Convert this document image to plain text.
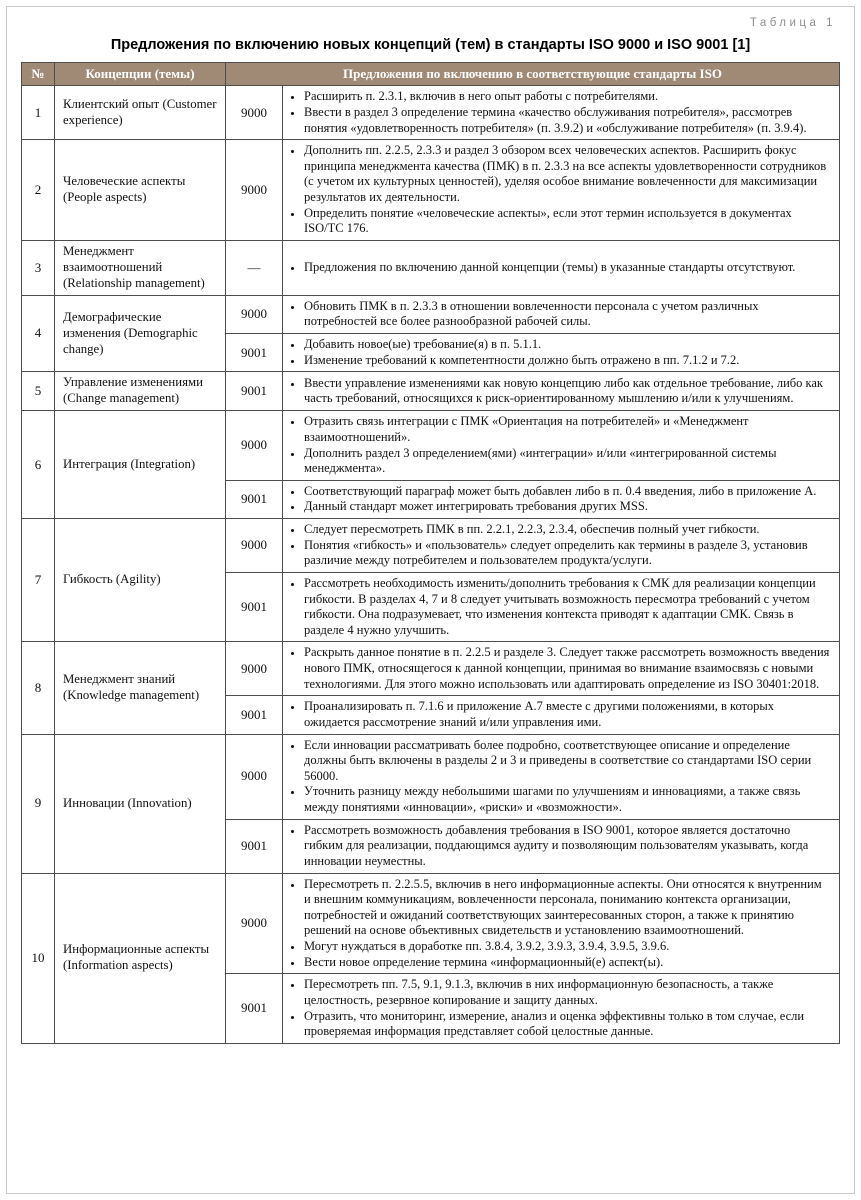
Таблица 1
Предложения по включению новых концепций (тем) в стандарты ISO 9000 и ISO 9001 [1]
№	Концепции (темы)	Предложения по включению в соответствующие стандарты ISO	
1	Клиентский опыт (Customer experience)	9000	
• Расширить п. 2.3.1, включив в него опыт работы с потребителями.
• Ввести в раздел 3 определение термина «качество обслуживания потребителя», рассмотрев понятия «удовлетворенность потребителя» (п. 3.9.2) и «обслуживание потребителя» (п. 3.9.4).

2	Человеческие аспекты (People aspects)	9000	
• Дополнить пп. 2.2.5, 2.3.3 и раздел 3 обзором всех человеческих аспектов. Расширить фокус принципа менеджмента качества (ПМК) в п. 2.3.3 на все аспекты удовлетворенности сотрудников (с учетом их культурных ценностей), уделяя особое внимание вовлеченности для максимизации результатов их деятельности.
• Определить понятие «человеческие аспекты», если этот термин используется в документах ISO/TC 176.

3	Менеджмент взаимоотношений (Relationship management)	—	
•Предложения по включению данной концепции (темы) в указанные стандарты отсутствуют.

4	Демографические изменения (Demographic change)	9000	
• Обновить ПМК в п. 2.3.3 в отношении вовлеченности персонала с учетом различных потребностей все более разнообразной рабочей силы.

9001	
• Добавить новое(ые) требование(я) в п. 5.1.1.
• Изменение требований к компетентности должно быть отражено в пп. 7.1.2 и 7.2.

5	Управление изменениями (Change management)	9001	
• Ввести управление изменениями как новую концепцию либо как отдельное требование, либо как часть требований, относящихся к риск-ориентированному мышлению и/или к улучшениям.

6	Интеграция (Integration)	9000	
• Отразить связь интеграции с ПМК «Ориентация на потребителей» и «Менеджмент взаимоотношений».
• Дополнить раздел 3 определением(ями) «интеграции» и/или «интегрированной системы менеджмента».

9001	
• Соответствующий параграф может быть добавлен либо в п. 0.4 введения, либо в приложение А.
• Данный стандарт может интегрировать требования других MSS.

7	Гибкость (Agility)	9000	
• Следует пересмотреть ПМК в пп. 2.2.1, 2.2.3, 2.3.4, обеспечив полный учет гибкости.
• Понятия «гибкость» и «пользователь» следует определить как термины в разделе 3, установив различие между потребителем и пользователем продукта/услуги.

9001	
• Рассмотреть необходимость изменить/дополнить требования к СМК для реализации концепции гибкости. В разделах 4, 7 и 8 следует учитывать возможность пересмотра требований с учетом гибкости. Она подразумевает, что изменения контекста приводят к адаптации СМК. Связь в разделе 4 нужно улучшить.

8	Менеджмент знаний (Knowledge management)	9000	
• Раскрыть данное понятие в п. 2.2.5 и разделе 3. Следует также рассмотреть возможность введения нового ПМК, относящегося к данной концепции, принимая во внимание взаимосвязь с новыми технологиями. Для этого можно использовать или адаптировать определение из ISO 30401:2018.

9001	
• Проанализировать п. 7.1.6 и приложение А.7 вместе с другими положениями, в которых ожидается рассмотрение знаний и/или управления ими.

9	Инновации (Innovation)	9000	
• Если инновации рассматривать более подробно, соответствующее описание и определение должны быть включены в разделы 2 и 3 и приведены в соответствие со стандартами ISO серии 56000.
• Уточнить разницу между небольшими шагами по улучшениям и инновациями, а также связь между понятиями «инновации», «риски» и «возможности».

9001	
• Рассмотреть возможность добавления требования в ISO 9001, которое является достаточно гибким для реализации, поддающимся аудиту и позволяющим пользователям указывать, когда инновации неуместны.

10	Информационные аспекты (Information aspects)	9000	
• Пересмотреть п. 2.2.5.5, включив в него информационные аспекты. Они относятся к внутренним и внешним коммуникациям, вовлеченности персонала, пониманию контекста организации, потребностей и ожиданий соответствующих заинтересованных сторон, а также к принятию решений на основе объективных свидетельств и установлению взаимоотношений.
• Могут нуждаться в доработке пп. 3.8.4, 3.9.2, 3.9.3, 3.9.4, 3.9.5, 3.9.6.
• Вести новое определение термина «информационный(е) аспект(ы).

9001	
• Пересмотреть пп. 7.5, 9.1, 9.1.3, включив в них информационную безопасность, а также целостность, резервное копирование и защиту данных.
• Отразить, что мониторинг, измерение, анализ и оценка эффективны только в том случае, если проверяемая информация представляет собой целостные данные.
